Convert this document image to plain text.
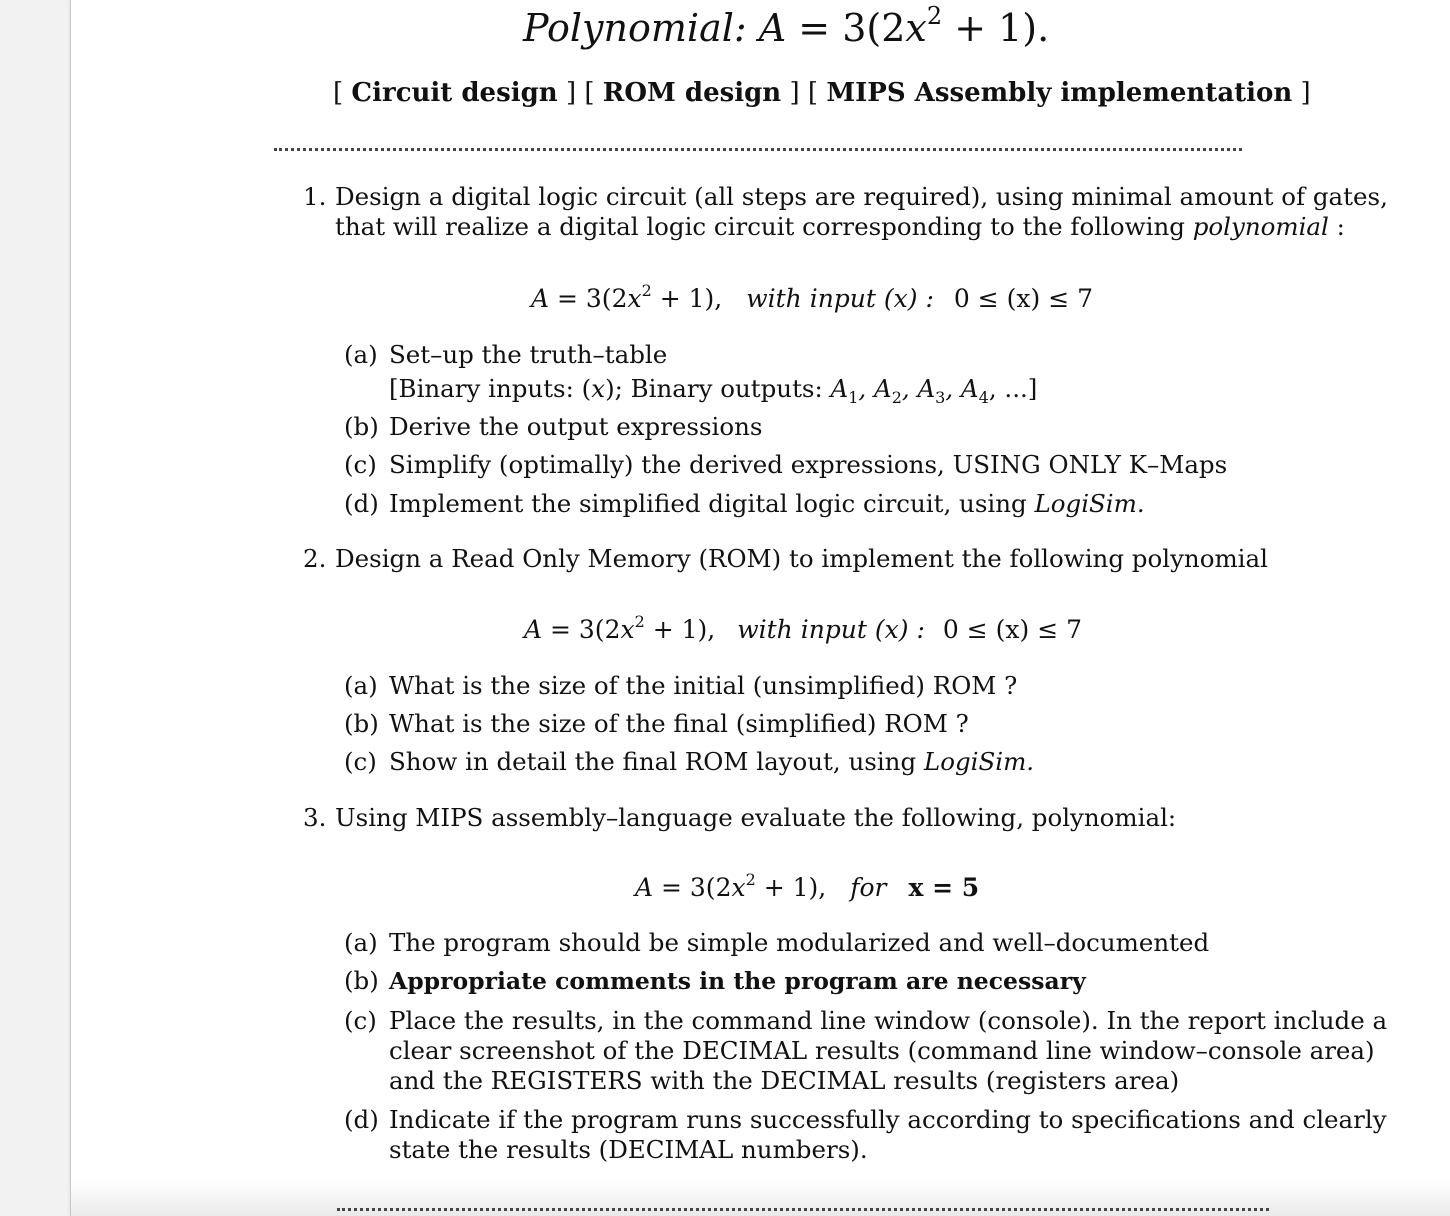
Polynomial: $A = 3(2x^2 + 1)$.
[ Circuit design ] [ ROM design ] [ MIPS Assembly implementation ]
1. Design a digital logic circuit (all steps are required), using minimal amount of gates,
that will realize a digital logic circuit corresponding to the following polynomial :
$A = 3(2x^2 + 1)$, with input (x) : 0 ≤ (x) ≤ 7
(a) Set–up the truth–table
[Binary inputs: (x); Binary outputs: $A_1$, $A_2$, $A_3$, $A_4$, ...]
(b) Derive the output expressions
(c) Simplify (optimally) the derived expressions, USING ONLY K–Maps
(d) Implement the simplified digital logic circuit, using LogiSim.
2. Design a Read Only Memory (ROM) to implement the following polynomial
$A = 3(2x^2 + 1)$, with input (x) : 0 ≤ (x) ≤ 7
(a) What is the size of the initial (unsimplified) ROM ?
(b) What is the size of the final (simplified) ROM ?
(c) Show in detail the final ROM layout, using LogiSim.
3. Using MIPS assembly–language evaluate the following, polynomial:
$A = 3(2x^2 + 1)$, for x = 5
(a) The program should be simple modularized and well–documented
(b) Appropriate comments in the program are necessary
(c) Place the results, in the command line window (console). In the report include a
clear screenshot of the DECIMAL results (command line window–console area)
and the REGISTERS with the DECIMAL results (registers area)
(d) Indicate if the program runs successfully according to specifications and clearly
state the results (DECIMAL numbers).
